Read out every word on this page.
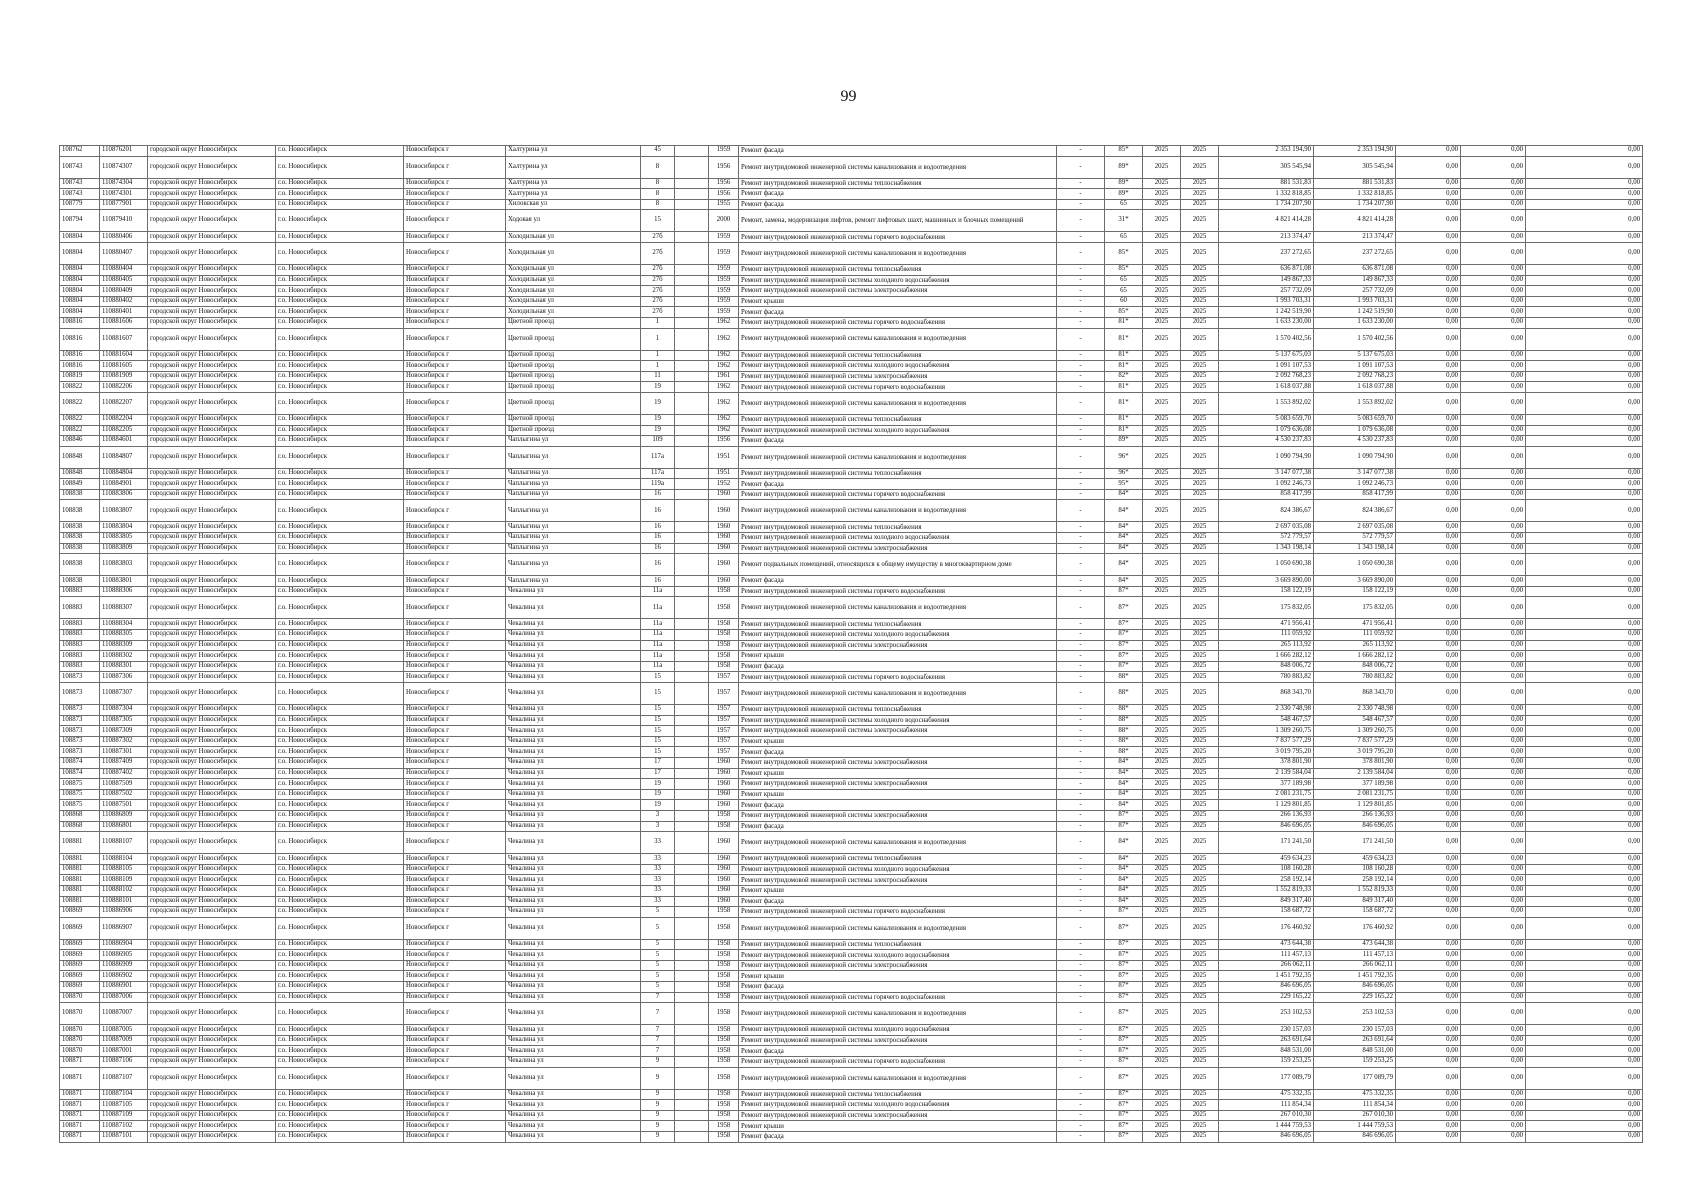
99
108762	110876201	городской округ Новосибирск	г.о. Новосибирск	Новосибирск г	Халтурина ул	45		1959	Ремонт фасада	-	85*	2025	2025	2 353 194,90	2 353 194,90	0,00	0,00	0,00
108743	110874307	городской округ Новосибирск	г.о. Новосибирск	Новосибирск г	Халтурина ул	8		1956	Ремонт внутридомовой инженерной системы канализования и водоотведения	-	89*	2025	2025	305 545,94	305 545,94	0,00	0,00	0,00
108743	110874304	городской округ Новосибирск	г.о. Новосибирск	Новосибирск г	Халтурина ул	8		1956	Ремонт внутридомовой инженерной системы теплоснабжения	-	89*	2025	2025	881 531,83	881 531,83	0,00	0,00	0,00
108743	110874301	городской округ Новосибирск	г.о. Новосибирск	Новосибирск г	Халтурина ул	8		1956	Ремонт фасада	-	89*	2025	2025	1 332 818,85	1 332 818,85	0,00	0,00	0,00
108779	110877901	городской округ Новосибирск	г.о. Новосибирск	Новосибирск г	Хилокская ул	8		1955	Ремонт фасада	-	65	2025	2025	1 734 207,90	1 734 207,90	0,00	0,00	0,00
108794	110879410	городской округ Новосибирск	г.о. Новосибирск	Новосибирск г	Ходовая ул	15		2000	Ремонт, замена, модернизация лифтов, ремонт лифтовых шахт, машинных и блочных помещений	-	31*	2025	2025	4 821 414,28	4 821 414,28	0,00	0,00	0,00
108804	110880406	городской округ Новосибирск	г.о. Новосибирск	Новосибирск г	Холодильная ул	27б		1959	Ремонт внутридомовой инженерной системы горячего водоснабжения	-	65	2025	2025	213 374,47	213 374,47	0,00	0,00	0,00
108804	110880407	городской округ Новосибирск	г.о. Новосибирск	Новосибирск г	Холодильная ул	27б		1959	Ремонт внутридомовой инженерной системы канализования и водоотведения	-	85*	2025	2025	237 272,65	237 272,65	0,00	0,00	0,00
108804	110880404	городской округ Новосибирск	г.о. Новосибирск	Новосибирск г	Холодильная ул	27б		1959	Ремонт внутридомовой инженерной системы теплоснабжения	-	85*	2025	2025	636 871,08	636 871,08	0,00	0,00	0,00
108804	110880405	городской округ Новосибирск	г.о. Новосибирск	Новосибирск г	Холодильная ул	27б		1959	Ремонт внутридомовой инженерной системы холодного водоснабжения	-	65	2025	2025	149 867,33	149 867,33	0,00	0,00	0,00
108804	110880409	городской округ Новосибирск	г.о. Новосибирск	Новосибирск г	Холодильная ул	27б		1959	Ремонт внутридомовой инженерной системы электроснабжения	-	65	2025	2025	257 732,09	257 732,09	0,00	0,00	0,00
108804	110880402	городской округ Новосибирск	г.о. Новосибирск	Новосибирск г	Холодильная ул	27б		1959	Ремонт крыши	-	60	2025	2025	1 993 703,31	1 993 703,31	0,00	0,00	0,00
108804	110880401	городской округ Новосибирск	г.о. Новосибирск	Новосибирск г	Холодильная ул	27б		1959	Ремонт фасада	-	85*	2025	2025	1 242 519,90	1 242 519,90	0,00	0,00	0,00
108816	110881606	городской округ Новосибирск	г.о. Новосибирск	Новосибирск г	Цветной проезд	1		1962	Ремонт внутридомовой инженерной системы горячего водоснабжения	-	81*	2025	2025	1 633 230,00	1 633 230,00	0,00	0,00	0,00
108816	110881607	городской округ Новосибирск	г.о. Новосибирск	Новосибирск г	Цветной проезд	1		1962	Ремонт внутридомовой инженерной системы канализования и водоотведения	-	81*	2025	2025	1 570 402,56	1 570 402,56	0,00	0,00	0,00
108816	110881604	городской округ Новосибирск	г.о. Новосибирск	Новосибирск г	Цветной проезд	1		1962	Ремонт внутридомовой инженерной системы теплоснабжения	-	81*	2025	2025	5 137 675,03	5 137 675,03	0,00	0,00	0,00
108816	110881605	городской округ Новосибирск	г.о. Новосибирск	Новосибирск г	Цветной проезд	1		1962	Ремонт внутридомовой инженерной системы холодного водоснабжения	-	81*	2025	2025	1 091 107,53	1 091 107,53	0,00	0,00	0,00
108819	110881909	городской округ Новосибирск	г.о. Новосибирск	Новосибирск г	Цветной проезд	11		1961	Ремонт внутридомовой инженерной системы электроснабжения	-	82*	2025	2025	2 092 768,23	2 092 768,23	0,00	0,00	0,00
108822	110882206	городской округ Новосибирск	г.о. Новосибирск	Новосибирск г	Цветной проезд	19		1962	Ремонт внутридомовой инженерной системы горячего водоснабжения	-	81*	2025	2025	1 618 037,88	1 618 037,88	0,00	0,00	0,00
108822	110882207	городской округ Новосибирск	г.о. Новосибирск	Новосибирск г	Цветной проезд	19		1962	Ремонт внутридомовой инженерной системы канализования и водоотведения	-	81*	2025	2025	1 553 892,02	1 553 892,02	0,00	0,00	0,00
108822	110882204	городской округ Новосибирск	г.о. Новосибирск	Новосибирск г	Цветной проезд	19		1962	Ремонт внутридомовой инженерной системы теплоснабжения	-	81*	2025	2025	5 083 659,70	5 083 659,70	0,00	0,00	0,00
108822	110882205	городской округ Новосибирск	г.о. Новосибирск	Новосибирск г	Цветной проезд	19		1962	Ремонт внутридомовой инженерной системы холодного водоснабжения	-	81*	2025	2025	1 079 636,08	1 079 636,08	0,00	0,00	0,00
108846	110884601	городской округ Новосибирск	г.о. Новосибирск	Новосибирск г	Чаплыгина ул	109		1956	Ремонт фасада	-	89*	2025	2025	4 530 237,83	4 530 237,83	0,00	0,00	0,00
108848	110884807	городской округ Новосибирск	г.о. Новосибирск	Новосибирск г	Чаплыгина ул	117а		1951	Ремонт внутридомовой инженерной системы канализования и водоотведения	-	96*	2025	2025	1 090 794,90	1 090 794,90	0,00	0,00	0,00
108848	110884804	городской округ Новосибирск	г.о. Новосибирск	Новосибирск г	Чаплыгина ул	117а		1951	Ремонт внутридомовой инженерной системы теплоснабжения	-	96*	2025	2025	3 147 077,38	3 147 077,38	0,00	0,00	0,00
108849	110884901	городской округ Новосибирск	г.о. Новосибирск	Новосибирск г	Чаплыгина ул	119а		1952	Ремонт фасада	-	95*	2025	2025	1 092 246,73	1 092 246,73	0,00	0,00	0,00
108838	110883806	городской округ Новосибирск	г.о. Новосибирск	Новосибирск г	Чаплыгина ул	16		1960	Ремонт внутридомовой инженерной системы горячего водоснабжения	-	84*	2025	2025	858 417,99	858 417,99	0,00	0,00	0,00
108838	110883807	городской округ Новосибирск	г.о. Новосибирск	Новосибирск г	Чаплыгина ул	16		1960	Ремонт внутридомовой инженерной системы канализования и водоотведения	-	84*	2025	2025	824 386,67	824 386,67	0,00	0,00	0,00
108838	110883804	городской округ Новосибирск	г.о. Новосибирск	Новосибирск г	Чаплыгина ул	16		1960	Ремонт внутридомовой инженерной системы теплоснабжения	-	84*	2025	2025	2 697 035,08	2 697 035,08	0,00	0,00	0,00
108838	110883805	городской округ Новосибирск	г.о. Новосибирск	Новосибирск г	Чаплыгина ул	16		1960	Ремонт внутридомовой инженерной системы холодного водоснабжения	-	84*	2025	2025	572 779,57	572 779,57	0,00	0,00	0,00
108838	110883809	городской округ Новосибирск	г.о. Новосибирск	Новосибирск г	Чаплыгина ул	16		1960	Ремонт внутридомовой инженерной системы электроснабжения	-	84*	2025	2025	1 343 198,14	1 343 198,14	0,00	0,00	0,00
108838	110883803	городской округ Новосибирск	г.о. Новосибирск	Новосибирск г	Чаплыгина ул	16		1960	Ремонт подвальных помещений, относящихся к общему имуществу в многоквартирном доме	-	84*	2025	2025	1 050 690,38	1 050 690,38	0,00	0,00	0,00
108838	110883801	городской округ Новосибирск	г.о. Новосибирск	Новосибирск г	Чаплыгина ул	16		1960	Ремонт фасада	-	84*	2025	2025	3 669 890,00	3 669 890,00	0,00	0,00	0,00
108883	110888306	городской округ Новосибирск	г.о. Новосибирск	Новосибирск г	Чекалина ул	11а		1958	Ремонт внутридомовой инженерной системы горячего водоснабжения	-	87*	2025	2025	158 122,19	158 122,19	0,00	0,00	0,00
108883	110888307	городской округ Новосибирск	г.о. Новосибирск	Новосибирск г	Чекалина ул	11а		1958	Ремонт внутридомовой инженерной системы канализования и водоотведения	-	87*	2025	2025	175 832,05	175 832,05	0,00	0,00	0,00
108883	110888304	городской округ Новосибирск	г.о. Новосибирск	Новосибирск г	Чекалина ул	11а		1958	Ремонт внутридомовой инженерной системы теплоснабжения	-	87*	2025	2025	471 956,41	471 956,41	0,00	0,00	0,00
108883	110888305	городской округ Новосибирск	г.о. Новосибирск	Новосибирск г	Чекалина ул	11а		1958	Ремонт внутридомовой инженерной системы холодного водоснабжения	-	87*	2025	2025	111 059,92	111 059,92	0,00	0,00	0,00
108883	110888309	городской округ Новосибирск	г.о. Новосибирск	Новосибирск г	Чекалина ул	11а		1958	Ремонт внутридомовой инженерной системы электроснабжения	-	87*	2025	2025	265 113,92	265 113,92	0,00	0,00	0,00
108883	110888302	городской округ Новосибирск	г.о. Новосибирск	Новосибирск г	Чекалина ул	11а		1958	Ремонт крыши	-	87*	2025	2025	1 666 282,12	1 666 282,12	0,00	0,00	0,00
108883	110888301	городской округ Новосибирск	г.о. Новосибирск	Новосибирск г	Чекалина ул	11а		1958	Ремонт фасада	-	87*	2025	2025	848 006,72	848 006,72	0,00	0,00	0,00
108873	110887306	городской округ Новосибирск	г.о. Новосибирск	Новосибирск г	Чекалина ул	15		1957	Ремонт внутридомовой инженерной системы горячего водоснабжения	-	88*	2025	2025	780 883,82	780 883,82	0,00	0,00	0,00
108873	110887307	городской округ Новосибирск	г.о. Новосибирск	Новосибирск г	Чекалина ул	15		1957	Ремонт внутридомовой инженерной системы канализования и водоотведения	-	88*	2025	2025	868 343,70	868 343,70	0,00	0,00	0,00
108873	110887304	городской округ Новосибирск	г.о. Новосибирск	Новосибирск г	Чекалина ул	15		1957	Ремонт внутридомовой инженерной системы теплоснабжения	-	88*	2025	2025	2 330 748,98	2 330 748,98	0,00	0,00	0,00
108873	110887305	городской округ Новосибирск	г.о. Новосибирск	Новосибирск г	Чекалина ул	15		1957	Ремонт внутридомовой инженерной системы холодного водоснабжения	-	88*	2025	2025	548 467,57	548 467,57	0,00	0,00	0,00
108873	110887309	городской округ Новосибирск	г.о. Новосибирск	Новосибирск г	Чекалина ул	15		1957	Ремонт внутридомовой инженерной системы электроснабжения	-	88*	2025	2025	1 309 260,75	1 309 260,75	0,00	0,00	0,00
108873	110887302	городской округ Новосибирск	г.о. Новосибирск	Новосибирск г	Чекалина ул	15		1957	Ремонт крыши	-	88*	2025	2025	7 837 577,29	7 837 577,29	0,00	0,00	0,00
108873	110887301	городской округ Новосибирск	г.о. Новосибирск	Новосибирск г	Чекалина ул	15		1957	Ремонт фасада	-	88*	2025	2025	3 019 795,20	3 019 795,20	0,00	0,00	0,00
108874	110887409	городской округ Новосибирск	г.о. Новосибирск	Новосибирск г	Чекалина ул	17		1960	Ремонт внутридомовой инженерной системы электроснабжения	-	84*	2025	2025	378 801,90	378 801,90	0,00	0,00	0,00
108874	110887402	городской округ Новосибирск	г.о. Новосибирск	Новосибирск г	Чекалина ул	17		1960	Ремонт крыши	-	84*	2025	2025	2 139 584,04	2 139 584,04	0,00	0,00	0,00
108875	110887509	городской округ Новосибирск	г.о. Новосибирск	Новосибирск г	Чекалина ул	19		1960	Ремонт внутридомовой инженерной системы электроснабжения	-	84*	2025	2025	377 189,98	377 189,98	0,00	0,00	0,00
108875	110887502	городской округ Новосибирск	г.о. Новосибирск	Новосибирск г	Чекалина ул	19		1960	Ремонт крыши	-	84*	2025	2025	2 081 231,75	2 081 231,75	0,00	0,00	0,00
108875	110887501	городской округ Новосибирск	г.о. Новосибирск	Новосибирск г	Чекалина ул	19		1960	Ремонт фасада	-	84*	2025	2025	1 129 801,85	1 129 801,85	0,00	0,00	0,00
108868	110886809	городской округ Новосибирск	г.о. Новосибирск	Новосибирск г	Чекалина ул	3		1958	Ремонт внутридомовой инженерной системы электроснабжения	-	87*	2025	2025	266 136,93	266 136,93	0,00	0,00	0,00
108868	110886801	городской округ Новосибирск	г.о. Новосибирск	Новосибирск г	Чекалина ул	3		1958	Ремонт фасада	-	87*	2025	2025	846 696,05	846 696,05	0,00	0,00	0,00
108881	110888107	городской округ Новосибирск	г.о. Новосибирск	Новосибирск г	Чекалина ул	33		1960	Ремонт внутридомовой инженерной системы канализования и водоотведения	-	84*	2025	2025	171 241,50	171 241,50	0,00	0,00	0,00
108881	110888104	городской округ Новосибирск	г.о. Новосибирск	Новосибирск г	Чекалина ул	33		1960	Ремонт внутридомовой инженерной системы теплоснабжения	-	84*	2025	2025	459 634,23	459 634,23	0,00	0,00	0,00
108881	110888105	городской округ Новосибирск	г.о. Новосибирск	Новосибирск г	Чекалина ул	33		1960	Ремонт внутридомовой инженерной системы холодного водоснабжения	-	84*	2025	2025	108 160,28	108 160,28	0,00	0,00	0,00
108881	110888109	городской округ Новосибирск	г.о. Новосибирск	Новосибирск г	Чекалина ул	33		1960	Ремонт внутридомовой инженерной системы электроснабжения	-	84*	2025	2025	258 192,14	258 192,14	0,00	0,00	0,00
108881	110888102	городской округ Новосибирск	г.о. Новосибирск	Новосибирск г	Чекалина ул	33		1960	Ремонт крыши	-	84*	2025	2025	1 552 819,33	1 552 819,33	0,00	0,00	0,00
108881	110888101	городской округ Новосибирск	г.о. Новосибирск	Новосибирск г	Чекалина ул	33		1960	Ремонт фасада	-	84*	2025	2025	849 317,40	849 317,40	0,00	0,00	0,00
108869	110886906	городской округ Новосибирск	г.о. Новосибирск	Новосибирск г	Чекалина ул	5		1958	Ремонт внутридомовой инженерной системы горячего водоснабжения	-	87*	2025	2025	158 687,72	158 687,72	0,00	0,00	0,00
108869	110886907	городской округ Новосибирск	г.о. Новосибирск	Новосибирск г	Чекалина ул	5		1958	Ремонт внутридомовой инженерной системы канализования и водоотведения	-	87*	2025	2025	176 460,92	176 460,92	0,00	0,00	0,00
108869	110886904	городской округ Новосибирск	г.о. Новосибирск	Новосибирск г	Чекалина ул	5		1958	Ремонт внутридомовой инженерной системы теплоснабжения	-	87*	2025	2025	473 644,38	473 644,38	0,00	0,00	0,00
108869	110886905	городской округ Новосибирск	г.о. Новосибирск	Новосибирск г	Чекалина ул	5		1958	Ремонт внутридомовой инженерной системы холодного водоснабжения	-	87*	2025	2025	111 457,13	111 457,13	0,00	0,00	0,00
108869	110886909	городской округ Новосибирск	г.о. Новосибирск	Новосибирск г	Чекалина ул	5		1958	Ремонт внутридомовой инженерной системы электроснабжения	-	87*	2025	2025	266 062,11	266 062,11	0,00	0,00	0,00
108869	110886902	городской округ Новосибирск	г.о. Новосибирск	Новосибирск г	Чекалина ул	5		1958	Ремонт крыши	-	87*	2025	2025	1 451 792,35	1 451 792,35	0,00	0,00	0,00
108869	110886901	городской округ Новосибирск	г.о. Новосибирск	Новосибирск г	Чекалина ул	5		1958	Ремонт фасада	-	87*	2025	2025	846 696,05	846 696,05	0,00	0,00	0,00
108870	110887006	городской округ Новосибирск	г.о. Новосибирск	Новосибирск г	Чекалина ул	7		1958	Ремонт внутридомовой инженерной системы горячего водоснабжения	-	87*	2025	2025	229 165,22	229 165,22	0,00	0,00	0,00
108870	110887007	городской округ Новосибирск	г.о. Новосибирск	Новосибирск г	Чекалина ул	7		1958	Ремонт внутридомовой инженерной системы канализования и водоотведения	-	87*	2025	2025	253 102,53	253 102,53	0,00	0,00	0,00
108870	110887005	городской округ Новосибирск	г.о. Новосибирск	Новосибирск г	Чекалина ул	7		1958	Ремонт внутридомовой инженерной системы холодного водоснабжения	-	87*	2025	2025	230 157,03	230 157,03	0,00	0,00	0,00
108870	110887009	городской округ Новосибирск	г.о. Новосибирск	Новосибирск г	Чекалина ул	7		1958	Ремонт внутридомовой инженерной системы электроснабжения	-	87*	2025	2025	263 691,64	263 691,64	0,00	0,00	0,00
108870	110887001	городской округ Новосибирск	г.о. Новосибирск	Новосибирск г	Чекалина ул	7		1958	Ремонт фасада	-	87*	2025	2025	848 531,00	848 531,00	0,00	0,00	0,00
108871	110887106	городской округ Новосибирск	г.о. Новосибирск	Новосибирск г	Чекалина ул	9		1958	Ремонт внутридомовой инженерной системы горячего водоснабжения	-	87*	2025	2025	159 253,25	159 253,25	0,00	0,00	0,00
108871	110887107	городской округ Новосибирск	г.о. Новосибирск	Новосибирск г	Чекалина ул	9		1958	Ремонт внутридомовой инженерной системы канализования и водоотведения	-	87*	2025	2025	177 089,79	177 089,79	0,00	0,00	0,00
108871	110887104	городской округ Новосибирск	г.о. Новосибирск	Новосибирск г	Чекалина ул	9		1958	Ремонт внутридомовой инженерной системы теплоснабжения	-	87*	2025	2025	475 332,35	475 332,35	0,00	0,00	0,00
108871	110887105	городской округ Новосибирск	г.о. Новосибирск	Новосибирск г	Чекалина ул	9		1958	Ремонт внутридомовой инженерной системы холодного водоснабжения	-	87*	2025	2025	111 854,34	111 854,34	0,00	0,00	0,00
108871	110887109	городской округ Новосибирск	г.о. Новосибирск	Новосибирск г	Чекалина ул	9		1958	Ремонт внутридомовой инженерной системы электроснабжения	-	87*	2025	2025	267 010,30	267 010,30	0,00	0,00	0,00
108871	110887102	городской округ Новосибирск	г.о. Новосибирск	Новосибирск г	Чекалина ул	9		1958	Ремонт крыши	-	87*	2025	2025	1 444 759,53	1 444 759,53	0,00	0,00	0,00
108871	110887101	городской округ Новосибирск	г.о. Новосибирск	Новосибирск г	Чекалина ул	9		1958	Ремонт фасада	-	87*	2025	2025	846 696,05	846 696,05	0,00	0,00	0,00
